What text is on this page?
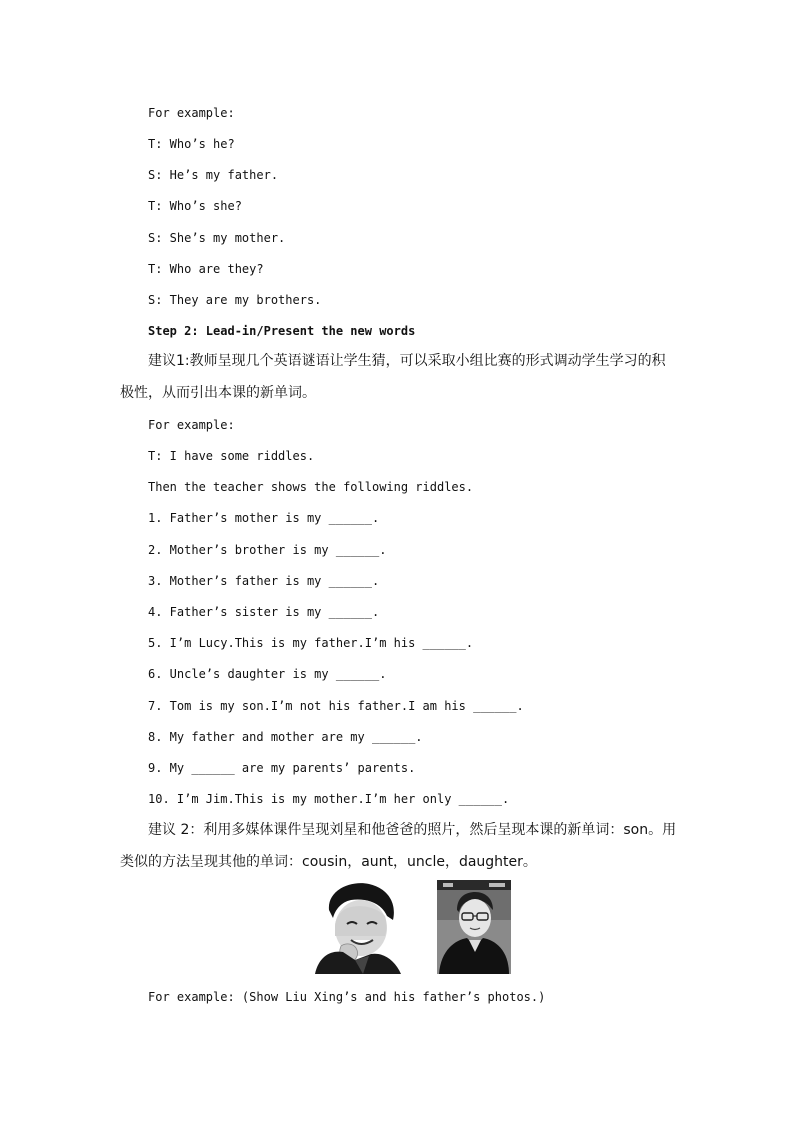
For example:
T: Who’s he?
S: He’s my father.
T: Who’s she?
S: She’s my mother.
T: Who are they?
S: They are my brothers.
Step 2: Lead-in/Present the new words
建议1:教师呈现几个英语谜语让学生猜，可以采取小组比赛的形式调动学生学习的积
极性，从而引出本课的新单词。
For example:
T: I have some riddles.
Then the teacher shows the following riddles.
1. Father’s mother is my ______.
2. Mother’s brother is my ______.
3. Mother’s father is my ______.
4. Father’s sister is my ______.
5. I’m Lucy.This is my father.I’m his ______.
6. Uncle’s daughter is my ______.
7. Tom is my son.I’m not his father.I am his ______.
8. My father and mother are my ______.
9. My ______ are my parents’ parents.
10. I’m Jim.This is my mother.I’m her only ______.
建议 2：利用多媒体课件呈现刘星和他爸爸的照片，然后呈现本课的新单词：son。用
类似的方法呈现其他的单词：cousin，aunt，uncle，daughter。
For example: (Show Liu Xing’s and his father’s photos.)
